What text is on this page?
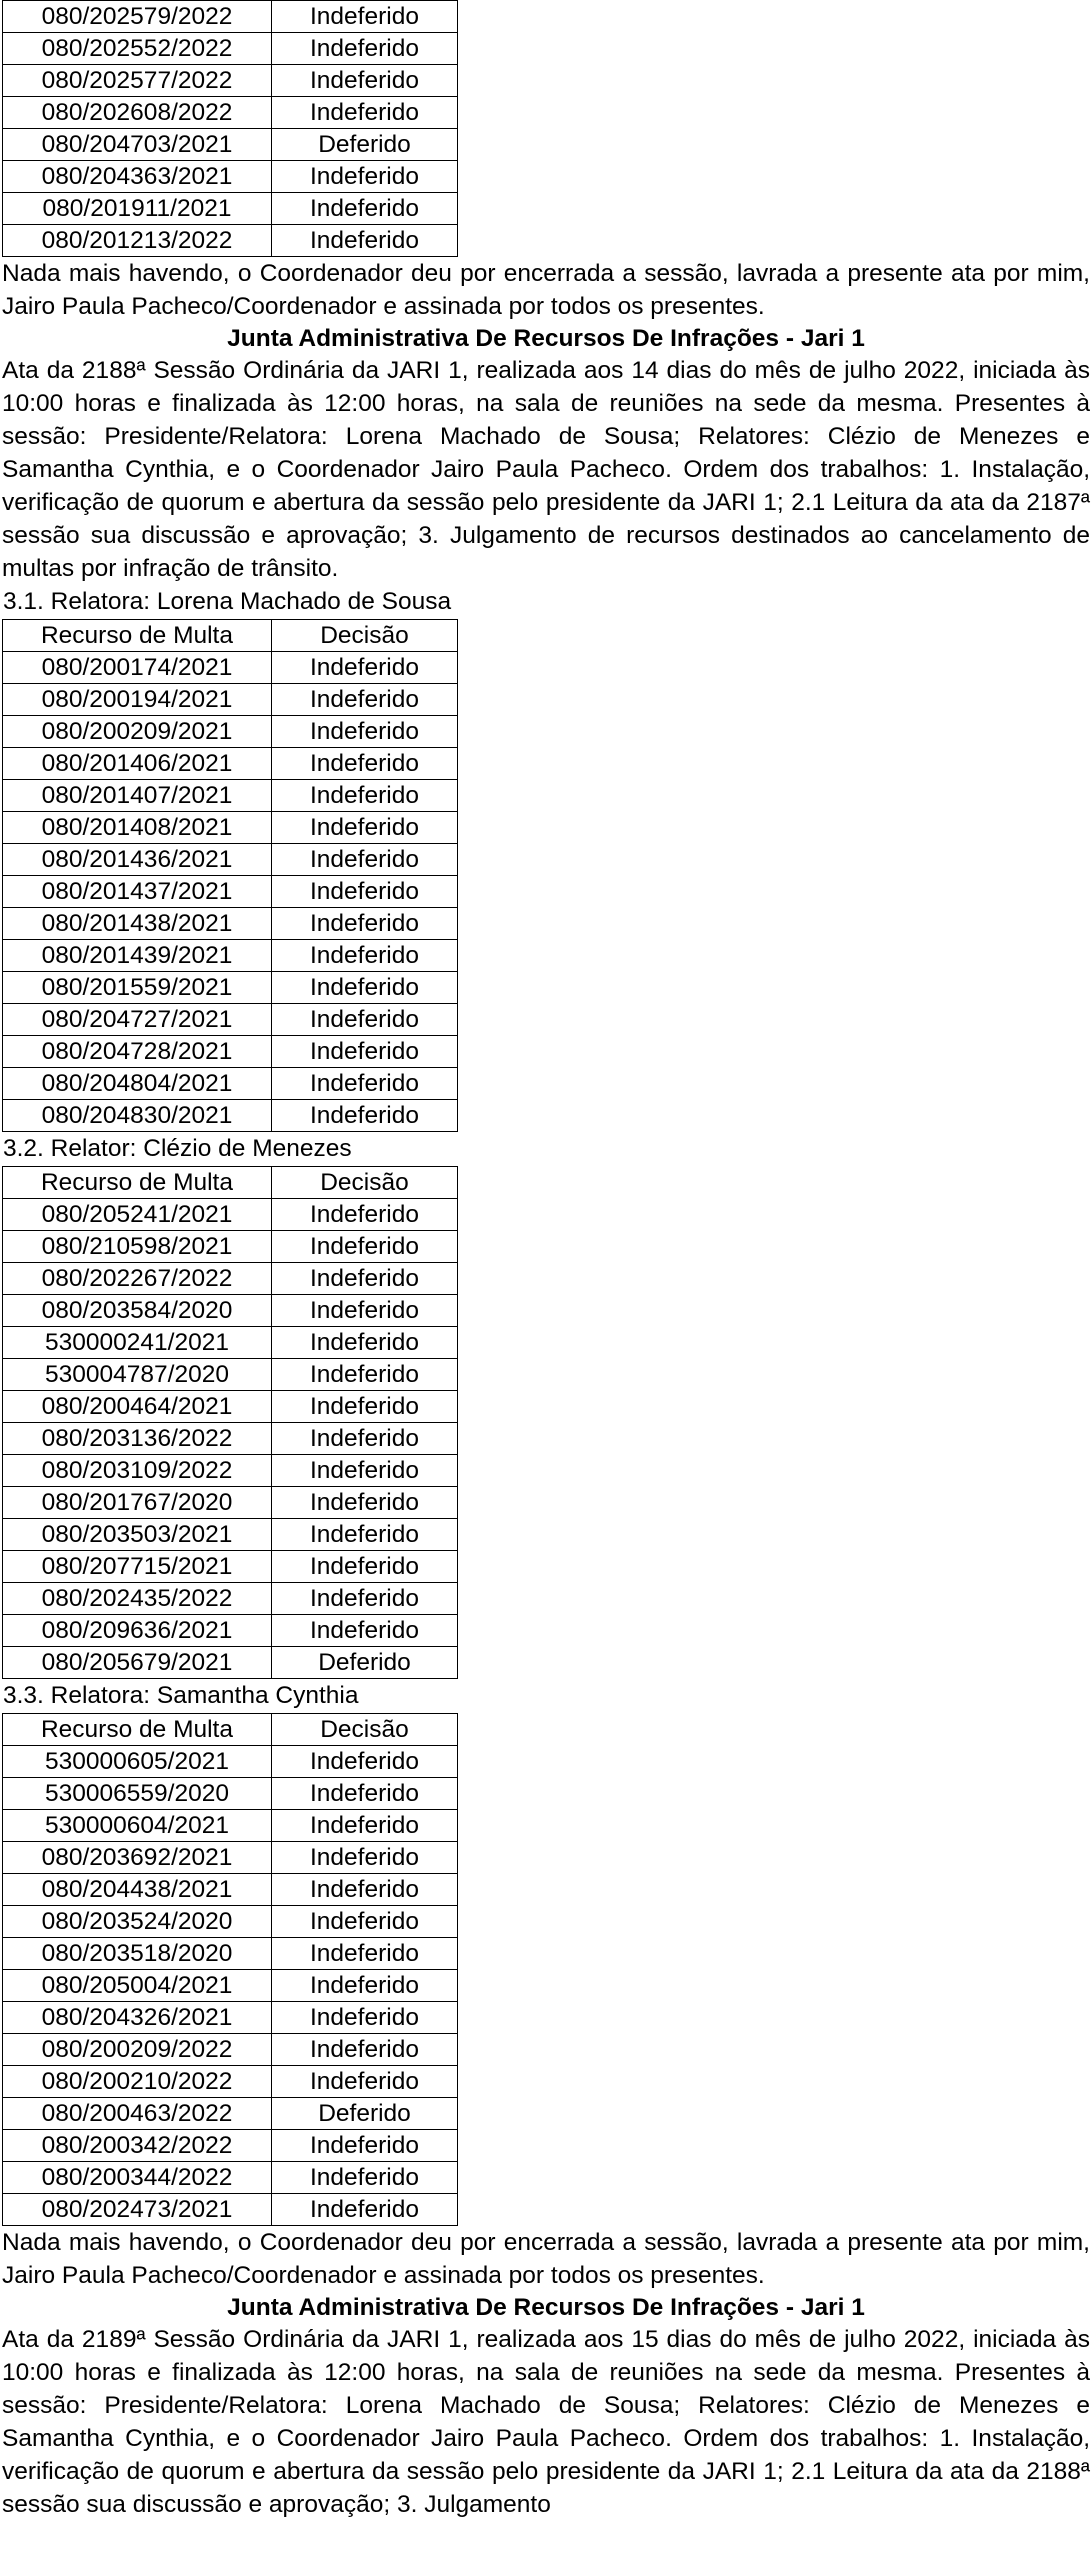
080/202579/2022	Indeferido
080/202552/2022	Indeferido
080/202577/2022	Indeferido
080/202608/2022	Indeferido
080/204703/2021	Deferido
080/204363/2021	Indeferido
080/201911/2021	Indeferido
080/201213/2022	Indeferido

Nada mais havendo, o Coordenador deu por encerrada a sessão, lavrada a presente ata por mim, Jairo Paula Pacheco/Coordenador e assinada por todos os presentes.

Junta Administrativa De Recursos De Infrações - Jari 1

Ata da 2188ª Sessão Ordinária da JARI 1, realizada aos 14 dias do mês de julho 2022, iniciada às 10:00 horas e finalizada às 12:00 horas, na sala de reuniões na sede da mesma. Presentes à sessão: Presidente/Relatora: Lorena Machado de Sousa; Relatores: Clézio de Menezes e Samantha Cynthia, e o Coordenador Jairo Paula Pacheco. Ordem dos trabalhos: 1. Instalação, verificação de quorum e abertura da sessão pelo presidente da JARI 1; 2.1 Leitura da ata da 2187ª sessão sua discussão e aprovação; 3. Julgamento de recursos destinados ao cancelamento de multas por infração de trânsito.

3.1. Relatora: Lorena Machado de Sousa
Recurso de Multa	Decisão
080/200174/2021	Indeferido
080/200194/2021	Indeferido
080/200209/2021	Indeferido
080/201406/2021	Indeferido
080/201407/2021	Indeferido
080/201408/2021	Indeferido
080/201436/2021	Indeferido
080/201437/2021	Indeferido
080/201438/2021	Indeferido
080/201439/2021	Indeferido
080/201559/2021	Indeferido
080/204727/2021	Indeferido
080/204728/2021	Indeferido
080/204804/2021	Indeferido
080/204830/2021	Indeferido
3.2. Relator: Clézio de Menezes
Recurso de Multa	Decisão
080/205241/2021	Indeferido
080/210598/2021	Indeferido
080/202267/2022	Indeferido
080/203584/2020	Indeferido
530000241/2021	Indeferido
530004787/2020	Indeferido
080/200464/2021	Indeferido
080/203136/2022	Indeferido
080/203109/2022	Indeferido
080/201767/2020	Indeferido
080/203503/2021	Indeferido
080/207715/2021	Indeferido
080/202435/2022	Indeferido
080/209636/2021	Indeferido
080/205679/2021	Deferido
3.3. Relatora: Samantha Cynthia
Recurso de Multa	Decisão
530000605/2021	Indeferido
530006559/2020	Indeferido
530000604/2021	Indeferido
080/203692/2021	Indeferido
080/204438/2021	Indeferido
080/203524/2020	Indeferido
080/203518/2020	Indeferido
080/205004/2021	Indeferido
080/204326/2021	Indeferido
080/200209/2022	Indeferido
080/200210/2022	Indeferido
080/200463/2022	Deferido
080/200342/2022	Indeferido
080/200344/2022	Indeferido
080/202473/2021	Indeferido

Nada mais havendo, o Coordenador deu por encerrada a sessão, lavrada a presente ata por mim, Jairo Paula Pacheco/Coordenador e assinada por todos os presentes.

Junta Administrativa De Recursos De Infrações - Jari 1

Ata da 2189ª Sessão Ordinária da JARI 1, realizada aos 15 dias do mês de julho 2022, iniciada às 10:00 horas e finalizada às 12:00 horas, na sala de reuniões na sede da mesma. Presentes à sessão: Presidente/Relatora: Lorena Machado de Sousa; Relatores: Clézio de Menezes e Samantha Cynthia, e o Coordenador Jairo Paula Pacheco. Ordem dos trabalhos: 1. Instalação, verificação de quorum e abertura da sessão pelo presidente da JARI 1; 2.1 Leitura da ata da 2188ª sessão sua discussão e aprovação; 3. Julgamento
